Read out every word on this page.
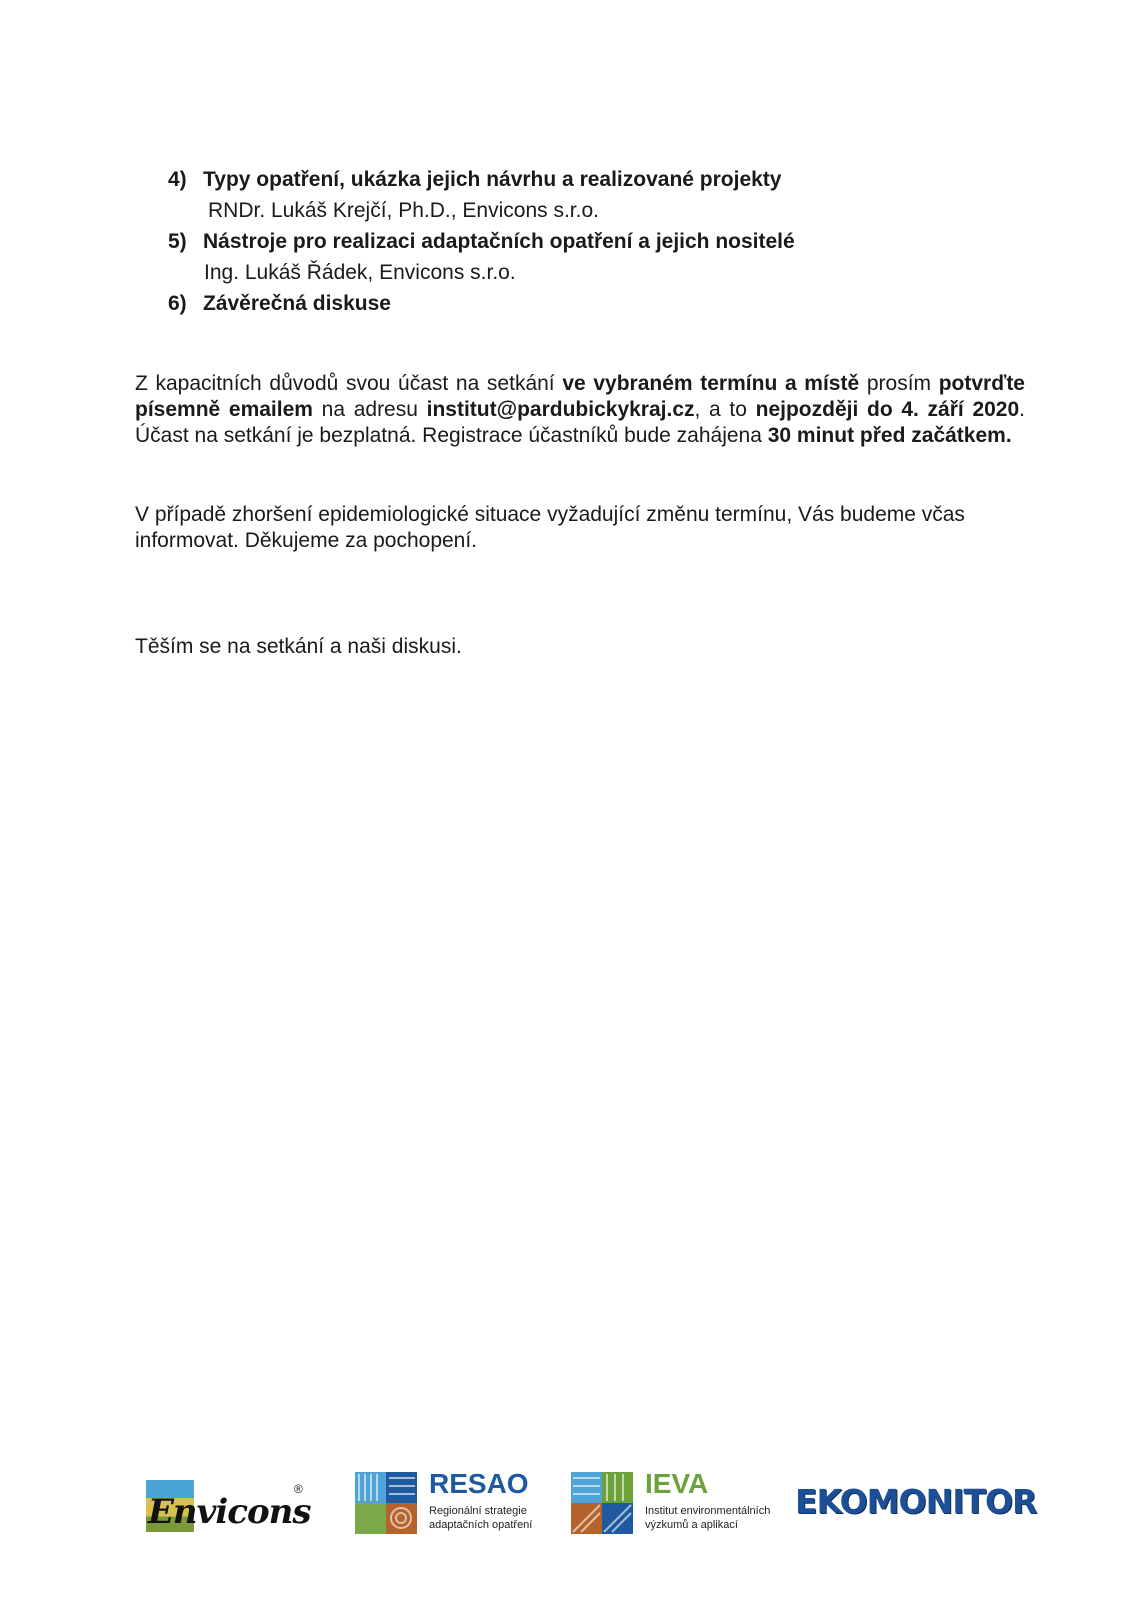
4) Typy opatření, ukázka jejich návrhu a realizované projekty
RNDr. Lukáš Krejčí, Ph.D., Envicons s.r.o.
5) Nástroje pro realizaci adaptačních opatření a jejich nositelé
Ing. Lukáš Řádek, Envicons s.r.o.
6) Závěrečná diskuse

Z kapacitních důvodů svou účast na setkání ve vybraném termínu a místě prosím potvrďte písemně emailem na adresu institut@pardubickykraj.cz, a to nejpozději do 4. září 2020. Účast na setkání je bezplatná. Registrace účastníků bude zahájena 30 minut před začátkem.

V případě zhoršení epidemiologické situace vyžadující změnu termínu, Vás budeme včas informovat. Děkujeme za pochopení.

Těším se na setkání a naši diskusi.

Envicons
®	RESAO
Regionální strategie
adaptačních opatření
IEVA
Institut environmentálních
výzkumů a aplikací
EKOMONITOR
